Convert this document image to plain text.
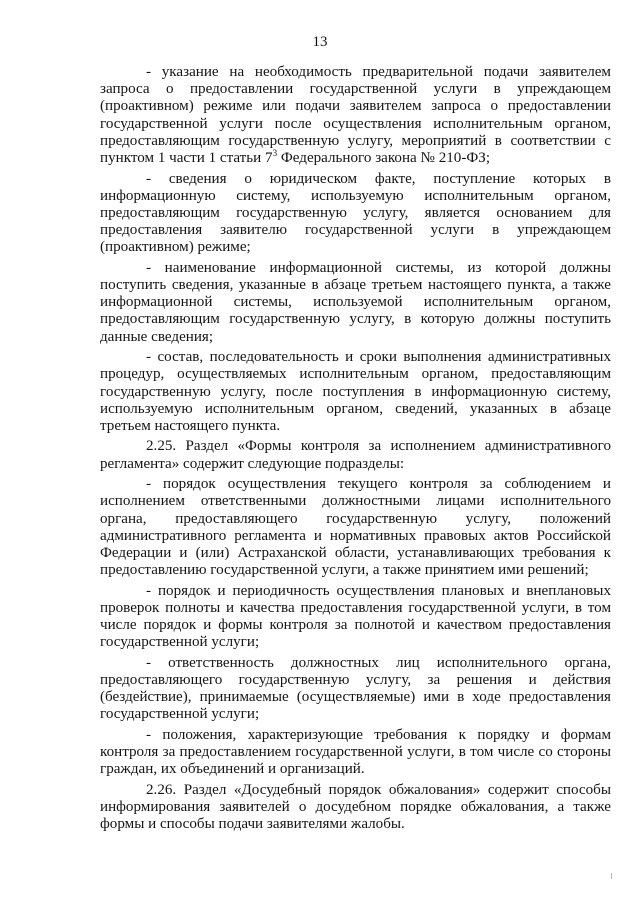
13

- указание на необходимость предварительной подачи заявителем запроса о предоставлении государственной услуги в упреждающем (проактивном) режиме или подачи заявителем запроса о предоставлении государственной услуги после осуществления исполнительным органом, предоставляющим государственную услугу, мероприятий в соответствии с пунктом 1 части 1 статьи $7^3$ Федерального закона № 210-ФЗ;

- сведения о юридическом факте, поступление которых в информационную систему, используемую исполнительным органом, предоставляющим государственную услугу, является основанием для предоставления заявителю государственной услуги в упреждающем (проактивном) режиме;

- наименование информационной системы, из которой должны поступить сведения, указанные в абзаце третьем настоящего пункта, а также информационной системы, используемой исполнительным органом, предоставляющим государственную услугу, в которую должны поступить данные сведения;

- состав, последовательность и сроки выполнения административных процедур, осуществляемых исполнительным органом, предоставляющим государственную услугу, после поступления в информационную систему, используемую исполнительным органом, сведений, указанных в абзаце третьем настоящего пункта.

2.25. Раздел «Формы контроля за исполнением административного регламента» содержит следующие подразделы:

- порядок осуществления текущего контроля за соблюдением и исполнением ответственными должностными лицами исполнительного органа, предоставляющего государственную услугу, положений административного регламента и нормативных правовых актов Российской Федерации и (или) Астраханской области, устанавливающих требования к предоставлению государственной услуги, а также принятием ими решений;

- порядок и периодичность осуществления плановых и внеплановых проверок полноты и качества предоставления государственной услуги, в том числе порядок и формы контроля за полнотой и качеством предоставления государственной услуги;

- ответственность должностных лиц исполнительного органа, предоставляющего государственную услугу, за решения и действия (бездействие), принимаемые (осуществляемые) ими в ходе предоставления государственной услуги;

- положения, характеризующие требования к порядку и формам контроля за предоставлением государственной услуги, в том числе со стороны граждан, их объединений и организаций.

2.26. Раздел «Досудебный порядок обжалования» содержит способы информирования заявителей о досудебном порядке обжалования, а также формы и способы подачи заявителями жалобы.
